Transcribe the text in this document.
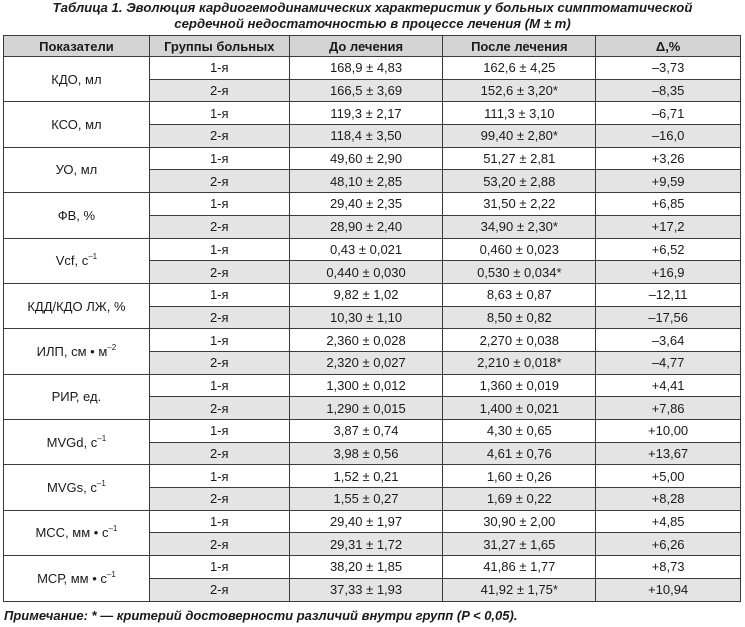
Таблица 1. Эволюция кардиогемодинамических характеристик у больных симптоматической
сердечной недостаточностью в процессе лечения (M ± m)
Показатели	Группы больных	До лечения	После лечения	Δ,%
КДО, мл	1-я	168,9 ± 4,83	162,6 ± 4,25	–3,73
	2-я	166,5 ± 3,69	152,6 ± 3,20*	–8,35
КСО, мл	1-я	119,3 ± 2,17	111,3 ± 3,10	–6,71
	2-я	118,4 ± 3,50	99,40 ± 2,80*	–16,0
УО, мл	1-я	49,60 ± 2,90	51,27 ± 2,81	+3,26
	2-я	48,10 ± 2,85	53,20 ± 2,88	+9,59
ФВ, %	1-я	29,40 ± 2,35	31,50 ± 2,22	+6,85
	2-я	28,90 ± 2,40	34,90 ± 2,30*	+17,2
Vcf, $с^{-1}$	1-я	0,43 ± 0,021	0,460 ± 0,023	+6,52
	2-я	0,440 ± 0,030	0,530 ± 0,034*	+16,9
КДД/КДО ЛЖ, %	1-я	9,82 ± 1,02	8,63 ± 0,87	–12,11
	2-я	10,30 ± 1,10	8,50 ± 0,82	–17,56
ИЛП, см • $м^{-2}$	1-я	2,360 ± 0,028	2,270 ± 0,038	–3,64
	2-я	2,320 ± 0,027	2,210 ± 0,018*	–4,77
РИР, ед.	1-я	1,300 ± 0,012	1,360 ± 0,019	+4,41
	2-я	1,290 ± 0,015	1,400 ± 0,021	+7,86
MVGd, $с^{-1}$	1-я	3,87 ± 0,74	4,30 ± 0,65	+10,00
	2-я	3,98 ± 0,56	4,61 ± 0,76	+13,67
MVGs, $с^{-1}$	1-я	1,52 ± 0,21	1,60 ± 0,26	+5,00
	2-я	1,55 ± 0,27	1,69 ± 0,22	+8,28
МСС, мм • $с^{-1}$	1-я	29,40 ± 1,97	30,90 ± 2,00	+4,85
	2-я	29,31 ± 1,72	31,27 ± 1,65	+6,26
МСР, мм • $с^{-1}$	1-я	38,20 ± 1,85	41,86 ± 1,77	+8,73
	2-я	37,33 ± 1,93	41,92 ± 1,75*	+10,94
Примечание: * — критерий достоверности различий внутри групп (P < 0,05).
